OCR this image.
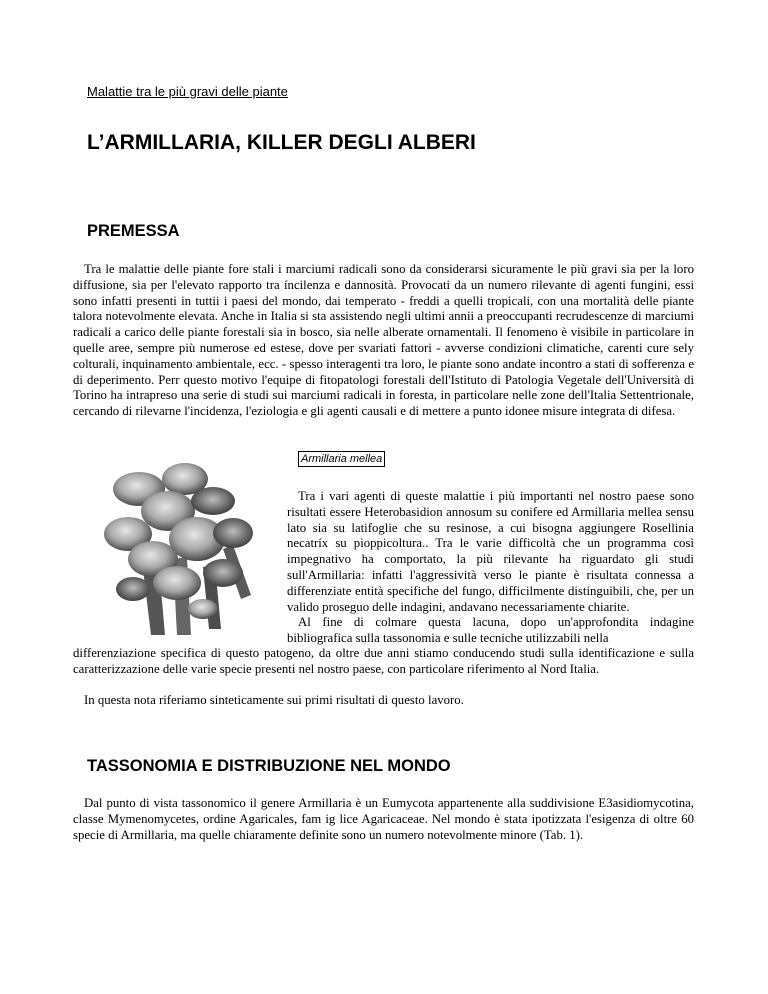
Malattie tra le più gravi delle piante
L’ARMILLARIA, KILLER DEGLI ALBERI
PREMESSA

Tra le malattie delle piante fore stali i marciumi radicali sono da considerarsi sicuramente le più gravi sia per la loro diffusione, sia per l'elevato rapporto tra íncilenza e dannosità. Provocati da un numero rilevante di agenti fungini, essi sono infatti presenti in tuttii i paesi del mondo, dai temperato - freddi a quelli tropicali, con una mortalità delle piante talora notevolmente elevata. Anche in Italia si sta assistendo negli ultimi annii a preoccupanti recrudescenze di marciumi radicali a carico delle piante forestali sia in bosco, sia nelle alberate ornamentali. Il fenomeno è visibile in particolare in quelle aree, sempre più numerose ed estese, dove per svariati fattori - avverse condizioni climatiche, carenti cure sely colturali, inquinamento ambientale, ecc. - spesso interagenti tra loro, le piante sono andate incontro a stati di sofferenza e di deperimento. Perr questo motivo l'equipe di fitopatologi forestali dell'Istituto di Patologia Vegetale dell'Università di Torino ha intrapreso una serie di studi sui marciumi radicali in foresta, in particolare nelle zone dell'Italia Settentrionale, cercando di rilevarne l'incidenza, l'eziologia e gli agenti causali e di mettere a punto idonee misure integrata di difesa.

Armillaria mellea

Tra i vari agenti di queste malattie i più importanti nel nostro paese sono risultati essere Heterobasidion annosum su conifere ed Armillaria mellea sensu lato sia su latifoglie che su resinose, a cui bisogna aggiungere Rosellinia necatríx su pioppicoltura.. Tra le varie difficoltà che un programma così impegnativo ha comportato, la più rilevante ha riguardato gli studi sull'Armillaria: infatti l'aggressività verso le piante è risultata connessa a differenziate entità specifiche del fungo, difficilmente distinguibili, che, per un valido proseguo delle indagini, andavano necessariamente chiarite.

Al fine di colmare questa lacuna, dopo un'approfondita indagine bibliografica sulla tassonomia e sulle tecniche utilizzabili nella

differenziazione specifica di questo patogeno, da oltre due anni stiamo conducendo studi sulla identificazione e sulla caratterizzazione delle varie specie presenti nel nostro paese, con particolare riferimento al Nord Italia.

In questa nota riferiamo sinteticamente sui primi risultati di questo lavoro.

TASSONOMIA E DISTRIBUZIONE NEL MONDO

Dal punto di vista tassonomico il genere Armillaria è un Eumycota appartenente alla suddivisione E3asidiomycotina, classe Mymenomycetes, ordine Agaricales, fam ig lice Agaricaceae. Nel mondo è stata ipotizzata l'esigenza di oltre 60 specie di Armillaria, ma quelle chiaramente definite sono un numero notevolmente minore (Tab. 1).
